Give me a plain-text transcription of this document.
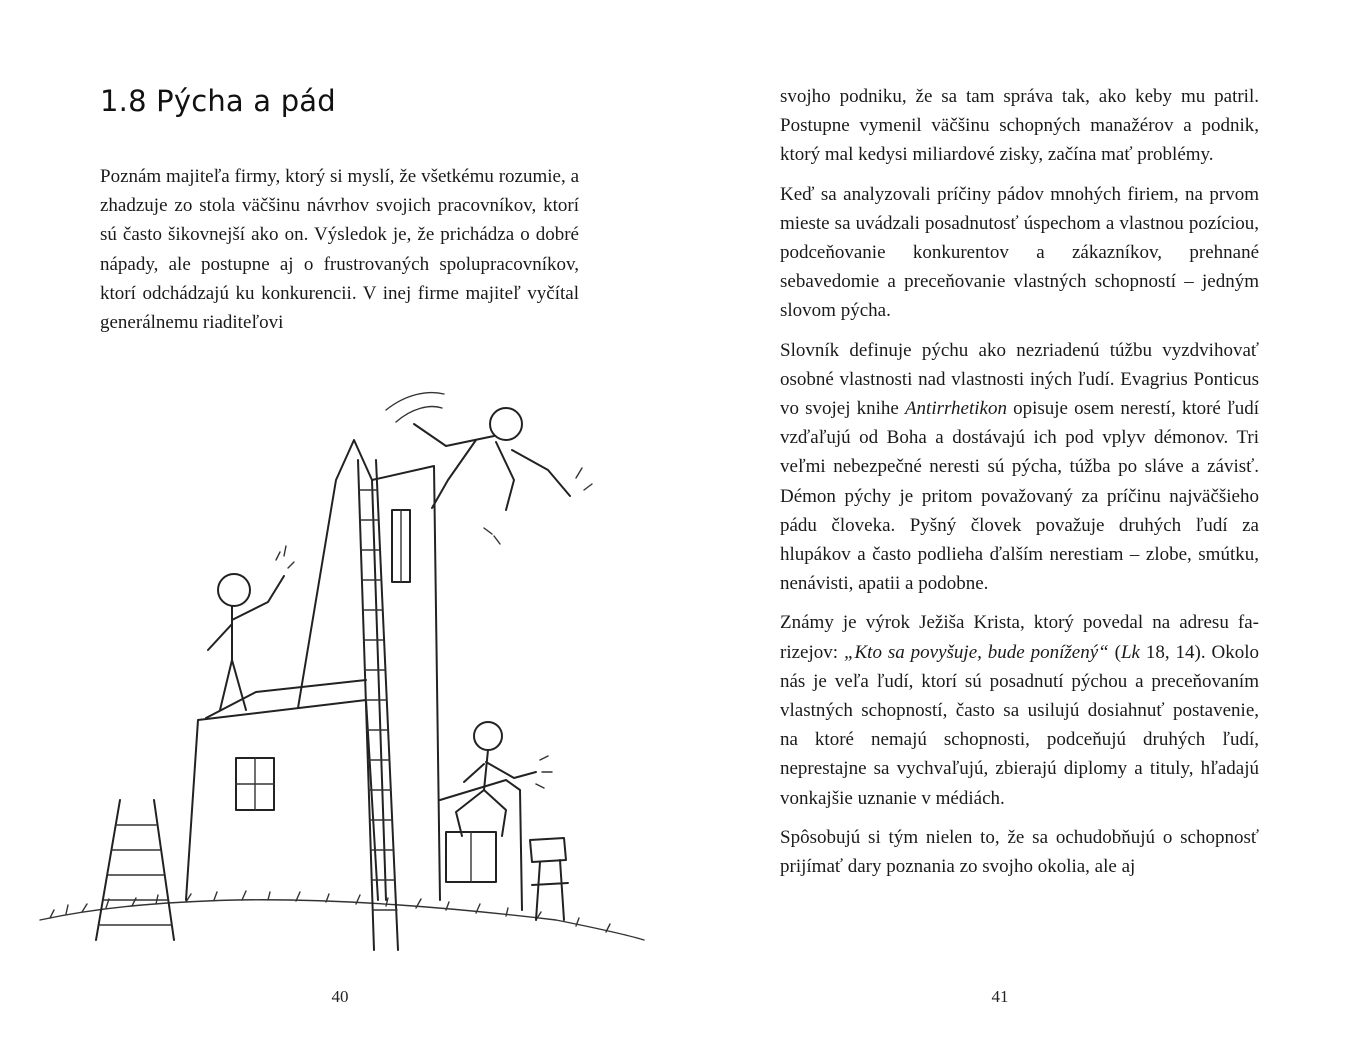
1.8 Pýcha a pád

Poznám majiteľa firmy, ktorý si myslí, že všetkému rozumie, a zhadzuje zo stola väčšinu návrhov svojich pracovníkov, ktorí sú často šikovnejší ako on. Výsledok je, že prichádza o dobré nápady, ale postupne aj o frustrovaných spolupracovníkov, ktorí odchádzajú ku konkurencii. V inej firme majiteľ vyčítal generálnemu riaditeľovi

40

svojho podniku, že sa tam správa tak, ako keby mu patril. Postupne vymenil väčšinu schopných manažérov a podnik, ktorý mal kedysi miliardové zisky, začína mať problémy.

Keď sa analyzovali príčiny pádov mnohých firiem, na prvom mieste sa uvádzali posadnutosť úspechom a vlastnou pozíciou, podceňovanie konkurentov a zákazníkov, prehnané sebavedomie a preceňovanie vlastných schopností – jedným slovom pýcha.

Slovník definuje pýchu ako nezriadenú túžbu vyzdvihovať osobné vlastnosti nad vlastnosti iných ľudí. Evagrius Ponticus vo svojej knihe Antirrhetikon opisuje osem nerestí, ktoré ľudí vzďaľujú od Boha a dostávajú ich pod vplyv démonov. Tri veľmi nebezpečné neresti sú pýcha, túžba po sláve a závisť. Démon pýchy je pritom považovaný za príčinu najväčšieho pádu človeka. Pyšný človek považuje druhých ľudí za hlupákov a často podlieha ďalším nerestiam – zlobe, smútku, nenávisti, apatii a podobne.

Známy je výrok Ježiša Krista, ktorý povedal na adresu farizejov: „Kto sa povyšuje, bude ponížený“ (Lk 18, 14). Okolo nás je veľa ľudí, ktorí sú posadnutí pýchou a preceňovaním vlastných schopností, často sa usilujú dosiahnuť postavenie, na ktoré nemajú schopnosti, podceňujú druhých ľudí, neprestajne sa vychvaľujú, zbierajú diplomy a tituly, hľadajú vonkajšie uznanie v médiách.

Spôsobujú si tým nielen to, že sa ochudobňujú o schopnosť prijímať dary poznania zo svojho okolia, ale aj

41
